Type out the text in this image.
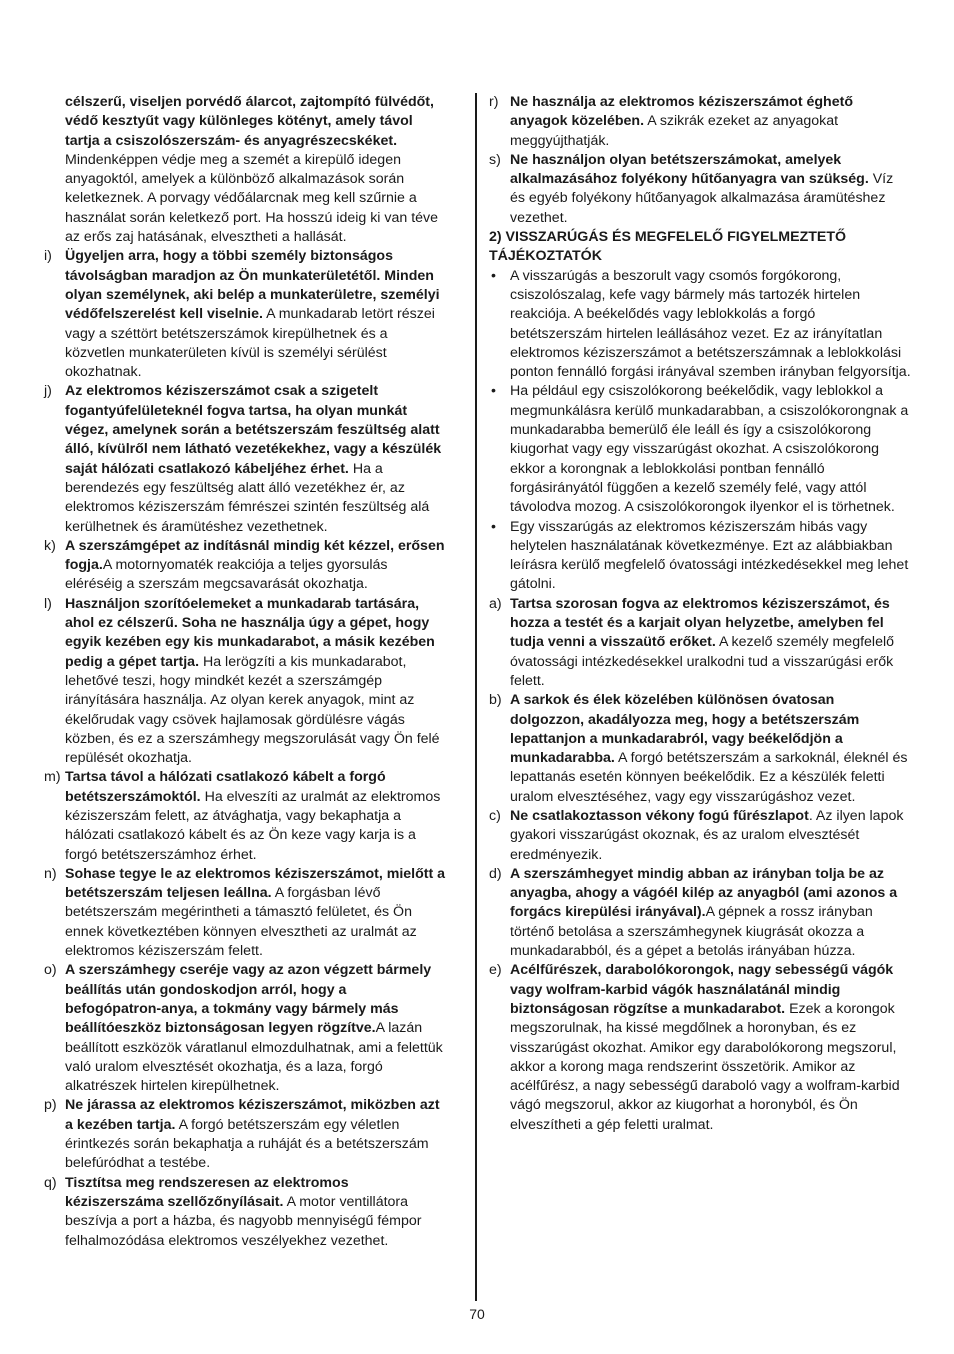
célszerű, viseljen porvédő álarcot, zajtompító fülvédőt, védő kesztyűt vagy különleges kötényt, amely távol tartja a csiszolószerszám- és anyagrészecskéket. Mindenképpen védje meg a szemét a kirepülő idegen anyagoktól, amelyek a különböző alkalmazások során keletkeznek. A porvagy védőálarcnak meg kell szűrnie a használat során keletkező port. Ha hosszú ideig ki van téve az erős zaj hatásának, elvesztheti a hallását.
i) Ügyeljen arra, hogy a többi személy biztonságos távolságban maradjon az Ön munkaterületétől. Minden olyan személynek, aki belép a munkaterületre, személyi védőfelszerelést kell viselnie. A munkadarab letört részei vagy a széttört betétszerszámok kirepülhetnek és a közvetlen munkaterületen kívül is személyi sérülést okozhatnak.
j) Az elektromos kéziszerszámot csak a szigetelt fogantyúfelületeknél fogva tartsa, ha olyan munkát végez, amelynek során a betétszerszám feszültség alatt álló, kívülről nem látható vezetékekhez, vagy a készülék saját hálózati csatlakozó kábeljéhez érhet. Ha a berendezés egy feszültség alatt álló vezetékhez ér, az elektromos kéziszerszám fémrészei szintén feszültség alá kerülhetnek és áramütéshez vezethetnek.
k) A szerszámgépet az indításnál mindig két kézzel, erősen fogja.A motornyomaték reakciója a teljes gyorsulás eléréséig a szerszám megcsavarását okozhatja.
l) Használjon szorítóelemeket a munkadarab tartására, ahol ez célszerű. Soha ne használja úgy a gépet, hogy egyik kezében egy kis munkadarabot, a másik kezében pedig a gépet tartja. Ha lerögzíti a kis munkadarabot, lehetővé teszi, hogy mindkét kezét a szerszámgép irányítására használja. Az olyan kerek anyagok, mint az ékelőrudak vagy csövek hajlamosak gördülésre vágás közben, és ez a szerszámhegy megszorulását vagy Ön felé repülését okozhatja.
m) Tartsa távol a hálózati csatlakozó kábelt a forgó betétszerszámoktól. Ha elveszíti az uralmát az elektromos kéziszerszám felett, az átvághatja, vagy bekaphatja a hálózati csatlakozó kábelt és az Ön keze vagy karja is a forgó betétszerszámhoz érhet.
n) Sohase tegye le az elektromos kéziszerszámot, mielőtt a betétszerszám teljesen leállna. A forgásban lévő betétszerszám megérintheti a támasztó felületet, és Ön ennek következtében könnyen elvesztheti az uralmát az elektromos kéziszerszám felett.
o) A szerszámhegy cseréje vagy az azon végzett bármely beállítás után gondoskodjon arról, hogy a befogópatron-anya, a tokmány vagy bármely más beállítóeszköz biztonságosan legyen rögzítve.A lazán beállított eszközök váratlanul elmozdulhatnak, ami a felettük való uralom elvesztését okozhatja, és a laza, forgó alkatrészek hirtelen kirepülhetnek.
p) Ne járassa az elektromos kéziszerszámot, miközben azt a kezében tartja. A forgó betétszerszám egy véletlen érintkezés során bekaphatja a ruháját és a betétszerszám belefúródhat a testébe.
q) Tisztítsa meg rendszeresen az elektromos kéziszerszáma szellőzőnyílásait. A motor ventillátora beszívja a port a házba, és nagyobb mennyiségű fémpor felhalmozódása elektromos veszélyekhez vezethet.
r) Ne használja az elektromos kéziszerszámot éghető anyagok közelében. A szikrák ezeket az anyagokat meggyújthatják.
s) Ne használjon olyan betétszerszámokat, amelyek alkalmazásához folyékony hűtőanyagra van szükség. Víz és egyéb folyékony hűtőanyagok alkalmazása áramütéshez vezethet.
2) VISSZARÚGÁS ÉS MEGFELELŐ FIGYELMEZTETŐ TÁJÉKOZTATÓK
• A visszarúgás a beszorult vagy csomós forgókorong, csiszolószalag, kefe vagy bármely más tartozék hirtelen reakciója. A beékelődés vagy leblokkolás a forgó betétszerszám hirtelen leállásához vezet. Ez az irányítatlan elektromos kéziszerszámot a betétszerszámnak a leblokkolási ponton fennálló forgási irányával szemben irányban felgyorsítja.
• Ha például egy csiszolókorong beékelődik, vagy leblokkol a megmunkálásra kerülő munkadarabban, a csiszolókorongnak a munkadarabba bemerülő éle leáll és így a csiszolókorong kiugorhat vagy egy visszarúgást okozhat. A csiszolókorong ekkor a korongnak a leblokkolási pontban fennálló forgásirányától függően a kezelő személy felé, vagy attól távolodva mozog. A csiszolókorongok ilyenkor el is törhetnek.
• Egy visszarúgás az elektromos kéziszerszám hibás vagy helytelen használatának következménye. Ezt az alábbiakban leírásra kerülő megfelelő óvatossági intézkedésekkel meg lehet gátolni.
a) Tartsa szorosan fogva az elektromos kéziszerszámot, és hozza a testét és a karjait olyan helyzetbe, amelyben fel tudja venni a visszaütő erőket. A kezelő személy megfelelő óvatossági intézkedésekkel uralkodni tud a visszarúgási erők felett.
b) A sarkok és élek közelében különösen óvatosan dolgozzon, akadályozza meg, hogy a betétszerszám lepattanjon a munkadarabról, vagy beékelődjön a munkadarabba. A forgó betétszerszám a sarkoknál, éleknél és lepattanás esetén könnyen beékelődik. Ez a készülék feletti uralom elvesztéséhez, vagy egy visszarúgáshoz vezet.
c) Ne csatlakoztasson vékony fogú fűrészlapot. Az ilyen lapok gyakori visszarúgást okoznak, és az uralom elvesztését eredményezik.
d) A szerszámhegyet mindig abban az irányban tolja be az anyagba, ahogy a vágóél kilép az anyagból (ami azonos a forgács kirepülési irányával).A gépnek a rossz irányban történő betolása a szerszámhegynek kiugrását okozza a munkadarabból, és a gépet a betolás irányában húzza.
e) Acélfűrészek, darabolókorongok, nagy sebességű vágók vagy wolfram-karbid vágók használatánál mindig biztonságosan rögzítse a munkadarabot. Ezek a korongok megszorulnak, ha kissé megdőlnek a horonyban, és ez visszarúgást okozhat. Amikor egy darabolókorong megszorul, akkor a korong maga rendszerint összetörik. Amikor az acélfűrész, a nagy sebességű daraboló vagy a wolfram-karbid vágó megszorul, akkor az kiugorhat a horonyból, és Ön elveszítheti a gép feletti uralmat.
70
